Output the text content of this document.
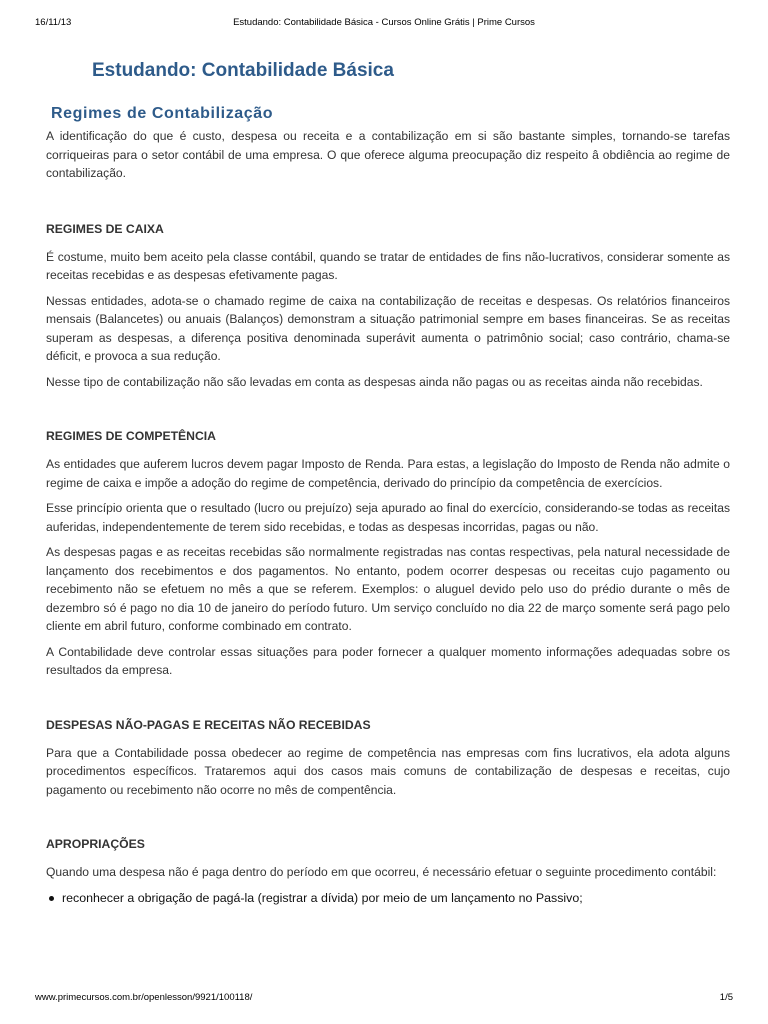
16/11/13	Estudando: Contabilidade Básica - Cursos Online Grátis | Prime Cursos
Estudando: Contabilidade Básica
Regimes de Contabilização

A identificação do que é custo, despesa ou receita e a contabilização em si são bastante simples, tornando-se tarefas corriqueiras para o setor contábil de uma empresa. O que oferece alguma preocupação diz respeito â obdiência ao regime de contabilização.

REGIMES DE CAIXA

É costume, muito bem aceito pela classe contábil, quando se tratar de entidades de fins não-lucrativos, considerar somente as receitas recebidas e as despesas efetivamente pagas.

Nessas entidades, adota-se o chamado regime de caixa na contabilização de receitas e despesas. Os relatórios financeiros mensais (Balancetes) ou anuais (Balanços) demonstram a situação patrimonial sempre em bases financeiras. Se as receitas superam as despesas, a diferença positiva denominada superávit aumenta o patrimônio social; caso contrário, chama-se déficit, e provoca a sua redução.

Nesse tipo de contabilização não são levadas em conta as despesas ainda não pagas ou as receitas ainda não recebidas.

REGIMES DE COMPETÊNCIA

As entidades que auferem lucros devem pagar Imposto de Renda. Para estas, a legislação do Imposto de Renda não admite o regime de caixa e impõe a adoção do regime de competência, derivado do princípio da competência de exercícios.

Esse princípio orienta que o resultado (lucro ou prejuízo) seja apurado ao final do exercício, considerando-se todas as receitas auferidas, independentemente de terem sido recebidas, e todas as despesas incorridas, pagas ou não.

As despesas pagas e as receitas recebidas são normalmente registradas nas contas respectivas, pela natural necessidade de lançamento dos recebimentos e dos pagamentos. No entanto, podem ocorrer despesas ou receitas cujo pagamento ou recebimento não se efetuem no mês a que se referem. Exemplos: o aluguel devido pelo uso do prédio durante o mês de dezembro só é pago no dia 10 de janeiro do período futuro. Um serviço concluído no dia 22 de março somente será pago pelo cliente em abril futuro, conforme combinado em contrato.

A Contabilidade deve controlar essas situações para poder fornecer a qualquer momento informações adequadas sobre os resultados da empresa.

DESPESAS NÃO-PAGAS E RECEITAS NÃO RECEBIDAS

Para que a Contabilidade possa obedecer ao regime de competência nas empresas com fins lucrativos, ela adota alguns procedimentos específicos. Trataremos aqui dos casos mais comuns de contabilização de despesas e receitas, cujo pagamento ou recebimento não ocorre no mês de compentência.

APROPRIAÇÕES

Quando uma despesa não é paga dentro do período em que ocorreu, é necessário efetuar o seguinte procedimento contábil:

reconhecer a obrigação de pagá-la (registrar a dívida) por meio de um lançamento no Passivo;
www.primecursos.com.br/openlesson/9921/100118/	1/5
